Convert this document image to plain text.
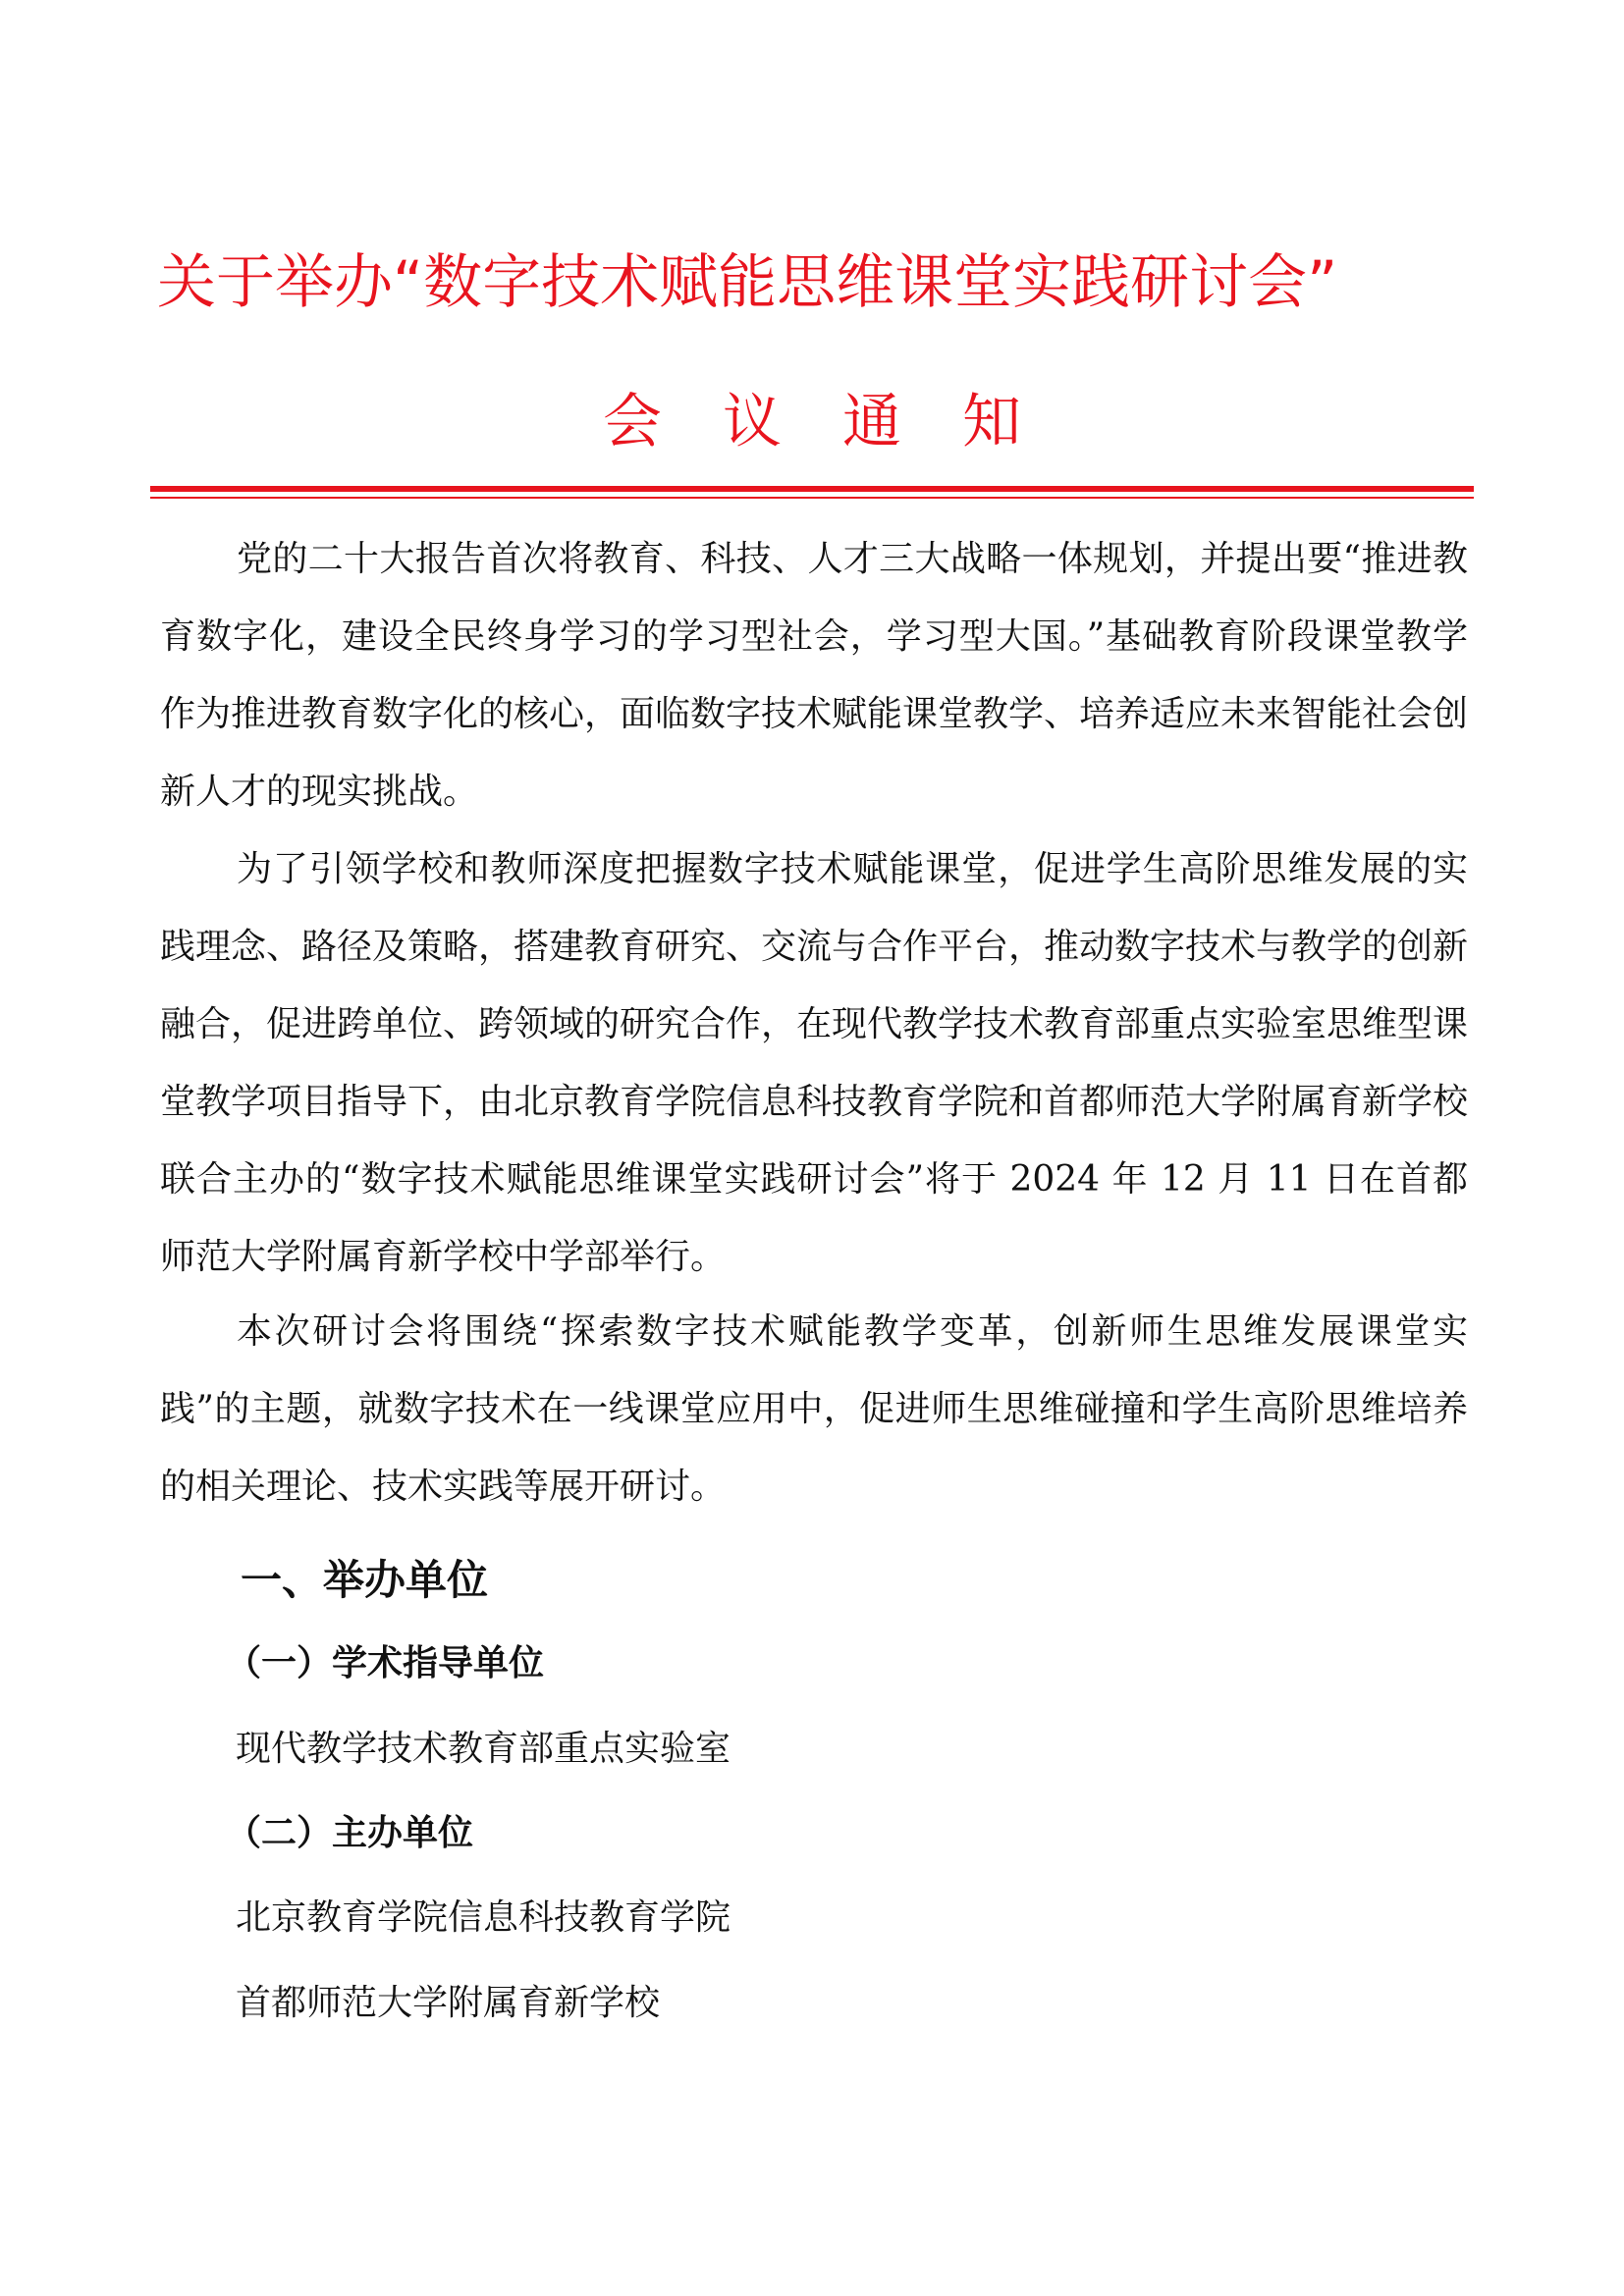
关于举办“数字技术赋能思维课堂实践研讨会”
会议通知

党的二十大报告首次将教育、科技、人才三大战略一体规划，并提出要“推进教育数字化，建设全民终身学习的学习型社会，学习型大国。”基础教育阶段课堂教学作为推进教育数字化的核心，面临数字技术赋能课堂教学、培养适应未来智能社会创新人才的现实挑战。

为了引领学校和教师深度把握数字技术赋能课堂，促进学生高阶思维发展的实践理念、路径及策略，搭建教育研究、交流与合作平台，推动数字技术与教学的创新融合，促进跨单位、跨领域的研究合作，在现代教学技术教育部重点实验室思维型课堂教学项目指导下，由北京教育学院信息科技教育学院和首都师范大学附属育新学校联合主办的“数字技术赋能思维课堂实践研讨会”将于 2024 年 12 月 11 日在首都师范大学附属育新学校中学部举行。

本次研讨会将围绕“探索数字技术赋能教学变革，创新师生思维发展课堂实践”的主题，就数字技术在一线课堂应用中，促进师生思维碰撞和学生高阶思维培养的相关理论、技术实践等展开研讨。

一、举办单位
（一）学术指导单位
现代教学技术教育部重点实验室
（二）主办单位
北京教育学院信息科技教育学院
首都师范大学附属育新学校
